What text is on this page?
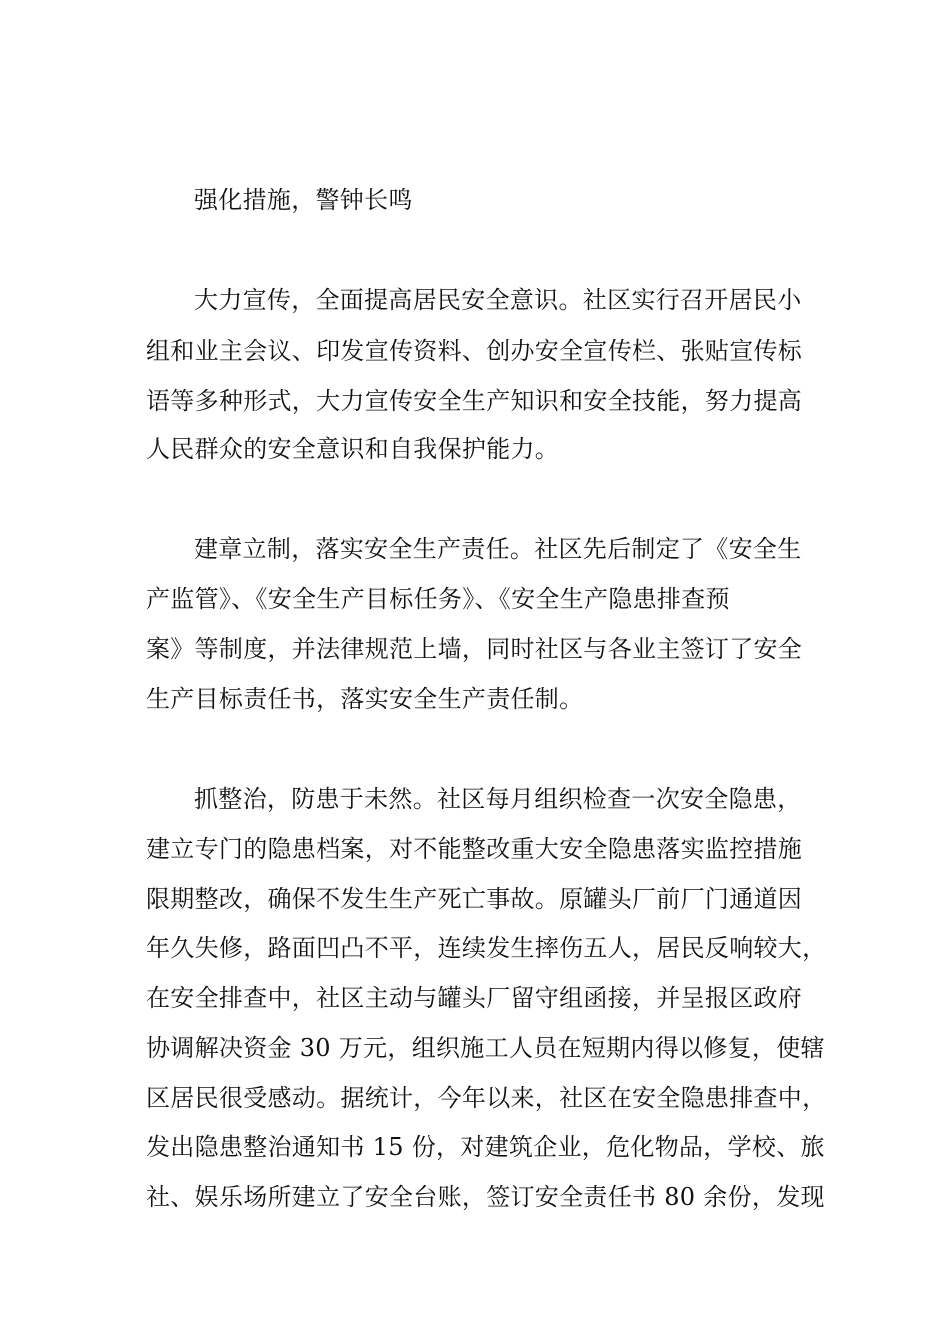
强化措施，警钟长鸣
大力宣传，全面提高居民安全意识。社区实行召开居民小
组和业主会议、印发宣传资料、创办安全宣传栏、张贴宣传标
语等多种形式，大力宣传安全生产知识和安全技能，努力提高
人民群众的安全意识和自我保护能力。
建章立制，落实安全生产责任。社区先后制定了《安全生
产监管》、《安全生产目标任务》、《安全生产隐患排查预
案》等制度，并法律规范上墙，同时社区与各业主签订了安全
生产目标责任书，落实安全生产责任制。
抓整治，防患于未然。社区每月组织检查一次安全隐患，
建立专门的隐患档案，对不能整改重大安全隐患落实监控措施
限期整改，确保不发生生产死亡事故。原罐头厂前厂门通道因
年久失修，路面凹凸不平，连续发生摔伤五人，居民反响较大，
在安全排查中，社区主动与罐头厂留守组函接，并呈报区政府
协调解决资金 30 万元，组织施工人员在短期内得以修复，使辖
区居民很受感动。据统计，今年以来，社区在安全隐患排查中，
发出隐患整治通知书 15 份，对建筑企业，危化物品，学校、旅
社、娱乐场所建立了安全台账，签订安全责任书 80 余份，发现
